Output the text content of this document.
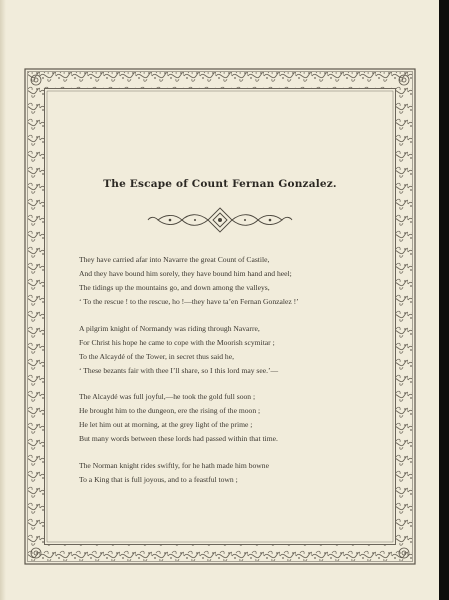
The Escape of Count Fernan Gonzalez.
They have carried afar into Navarre the great Count of Castile,
And they have bound him sorely, they have bound him hand and heel;
The tidings up the mountains go, and down among the valleys,
‘ To the rescue ! to the rescue, ho !—they have ta’en Fernan Gonzalez !’
A pilgrim knight of Normandy was riding through Navarre,
For Christ his hope he came to cope with the Moorish scymitar ;
To the Alcaydé of the Tower, in secret thus said he,
‘ These bezants fair with thee I’ll share, so I this lord may see.’—
The Alcaydé was full joyful,—he took the gold full soon ;
He brought him to the dungeon, ere the rising of the moon ;
He let him out at morning, at the grey light of the prime ;
But many words between these lords had passed within that time.
The Norman knight rides swiftly, for he hath made him bowne
To a King that is full joyous, and to a feastful town ;
